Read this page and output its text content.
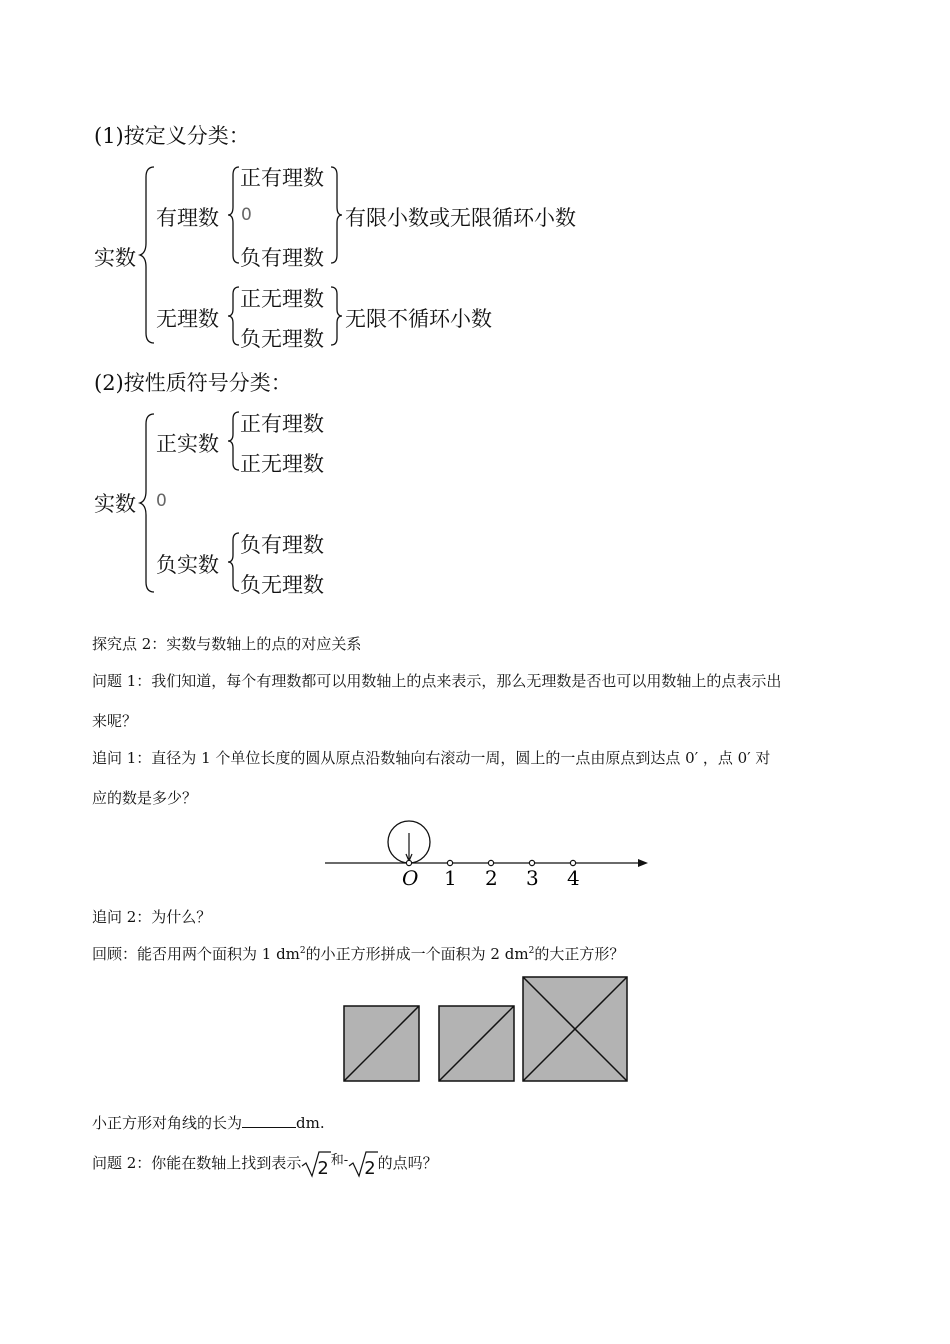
(1)按定义分类：
实数
有理数
正有理数
0
负有理数
有限小数或无限循环小数
无理数
正无理数
负无理数
无限不循环小数
(2)按性质符号分类：
实数
正实数
正有理数
正无理数
0
负实数
负有理数
负无理数
探究点 2：实数与数轴上的点的对应关系
问题 1：我们知道，每个有理数都可以用数轴上的点来表示，那么无理数是否也可以用数轴上的点表示出
来呢？
追问 1：直径为 1 个单位长度的圆从原点沿数轴向右滚动一周，圆上的一点由原点到达点 0′ ，点 0′ 对
应的数是多少？
O 1 2 3 4
追问 2：为什么？
回顾：能否用两个面积为 1 $dm^2$的小正方形拼成一个面积为 2 $dm^2$的大正方形？
小正方形对角线的长为	dm.
问题 2：你能在数轴上找到表示 2 和- 2 的点吗？
